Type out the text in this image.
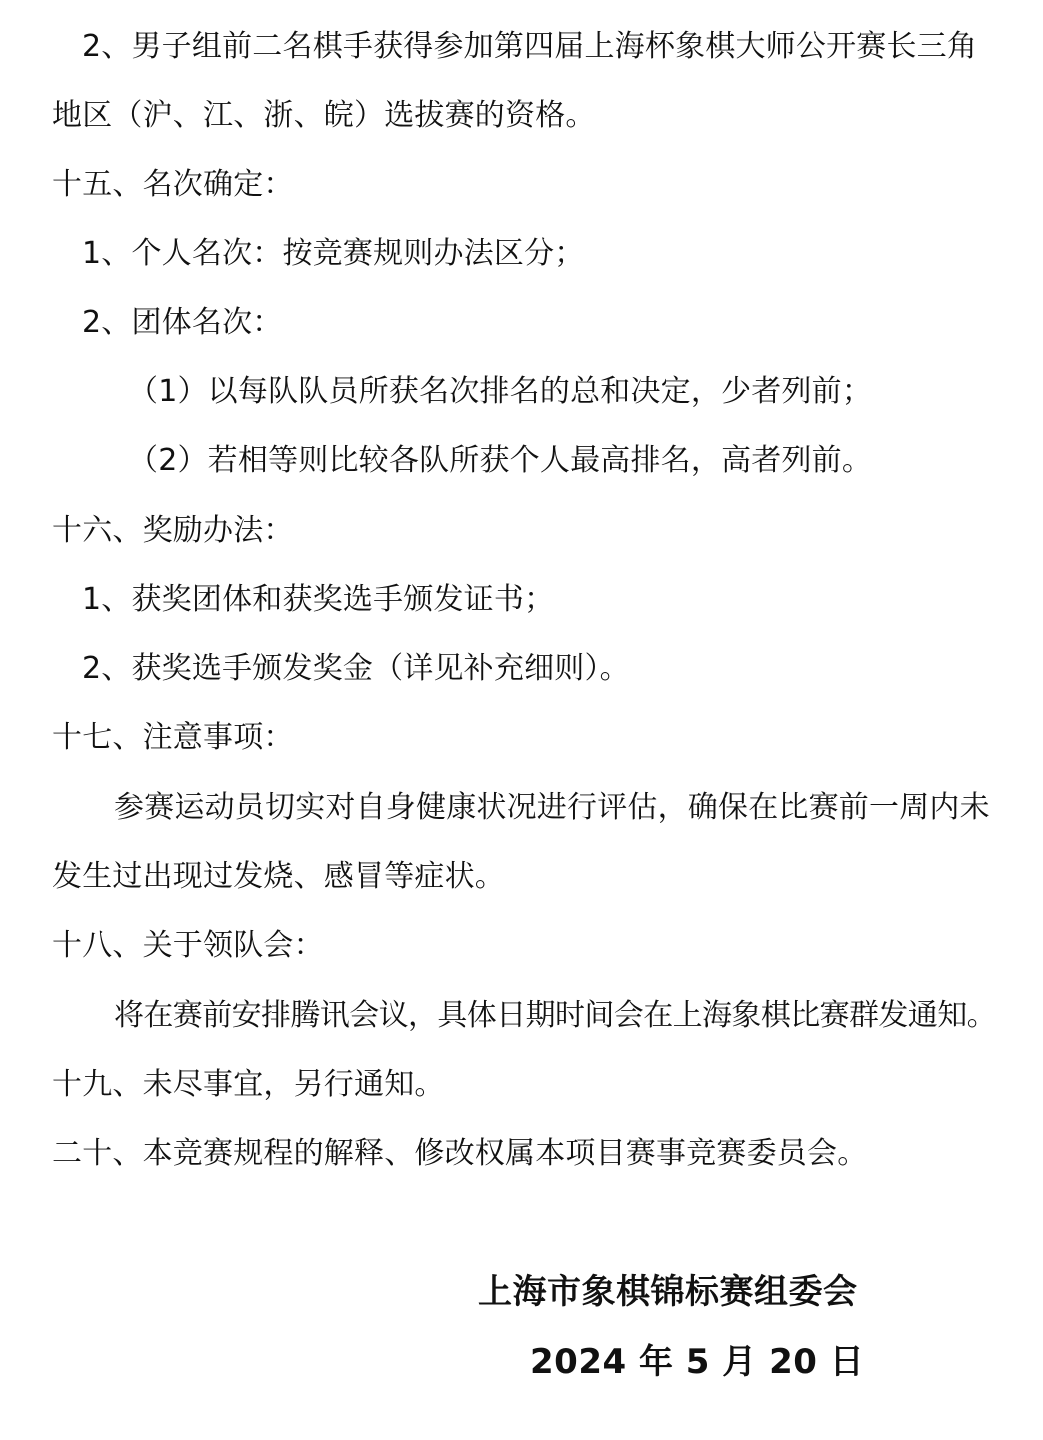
2、男子组前二名棋手获得参加第四届上海杯象棋大师公开赛长三角
地区（沪、江、浙、皖）选拔赛的资格。
十五、名次确定：
1、个人名次：按竞赛规则办法区分；
2、团体名次：
（1）以每队队员所获名次排名的总和决定，少者列前；
（2）若相等则比较各队所获个人最高排名，高者列前。
十六、奖励办法：
1、获奖团体和获奖选手颁发证书；
2、获奖选手颁发奖金（详见补充细则）。
十七、注意事项：
参赛运动员切实对自身健康状况进行评估，确保在比赛前一周内未
发生过出现过发烧、感冒等症状。
十八、关于领队会：
将在赛前安排腾讯会议，具体日期时间会在上海象棋比赛群发通知。
十九、未尽事宜，另行通知。
二十、本竞赛规程的解释、修改权属本项目赛事竞赛委员会。
上海市象棋锦标赛组委会
2024 年 5 月 20 日
